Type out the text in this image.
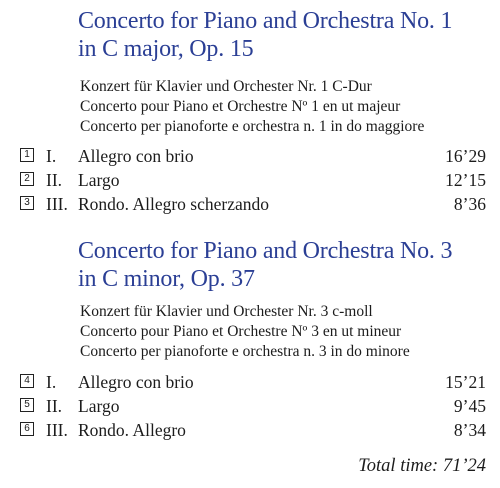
Concerto for Piano and Orchestra No. 1
in C major, Op. 15
Konzert für Klavier und Orchester Nr. 1 C-Dur
Concerto pour Piano et Orchestre Nº 1 en ut majeur
Concerto per pianoforte e orchestra n. 1 in do maggiore
1 I. Allegro con brio	16’29
2 II. Largo	12’15
3 III. Rondo. Allegro scherzando	8’36
Concerto for Piano and Orchestra No. 3
in C minor, Op. 37
Konzert für Klavier und Orchester Nr. 3 c-moll
Concerto pour Piano et Orchestre Nº 3 en ut mineur
Concerto per pianoforte e orchestra n. 3 in do minore
4 I. Allegro con brio	15’21
5 II. Largo	9’45
6 III. Rondo. Allegro	8’34
Total time: 71’24
